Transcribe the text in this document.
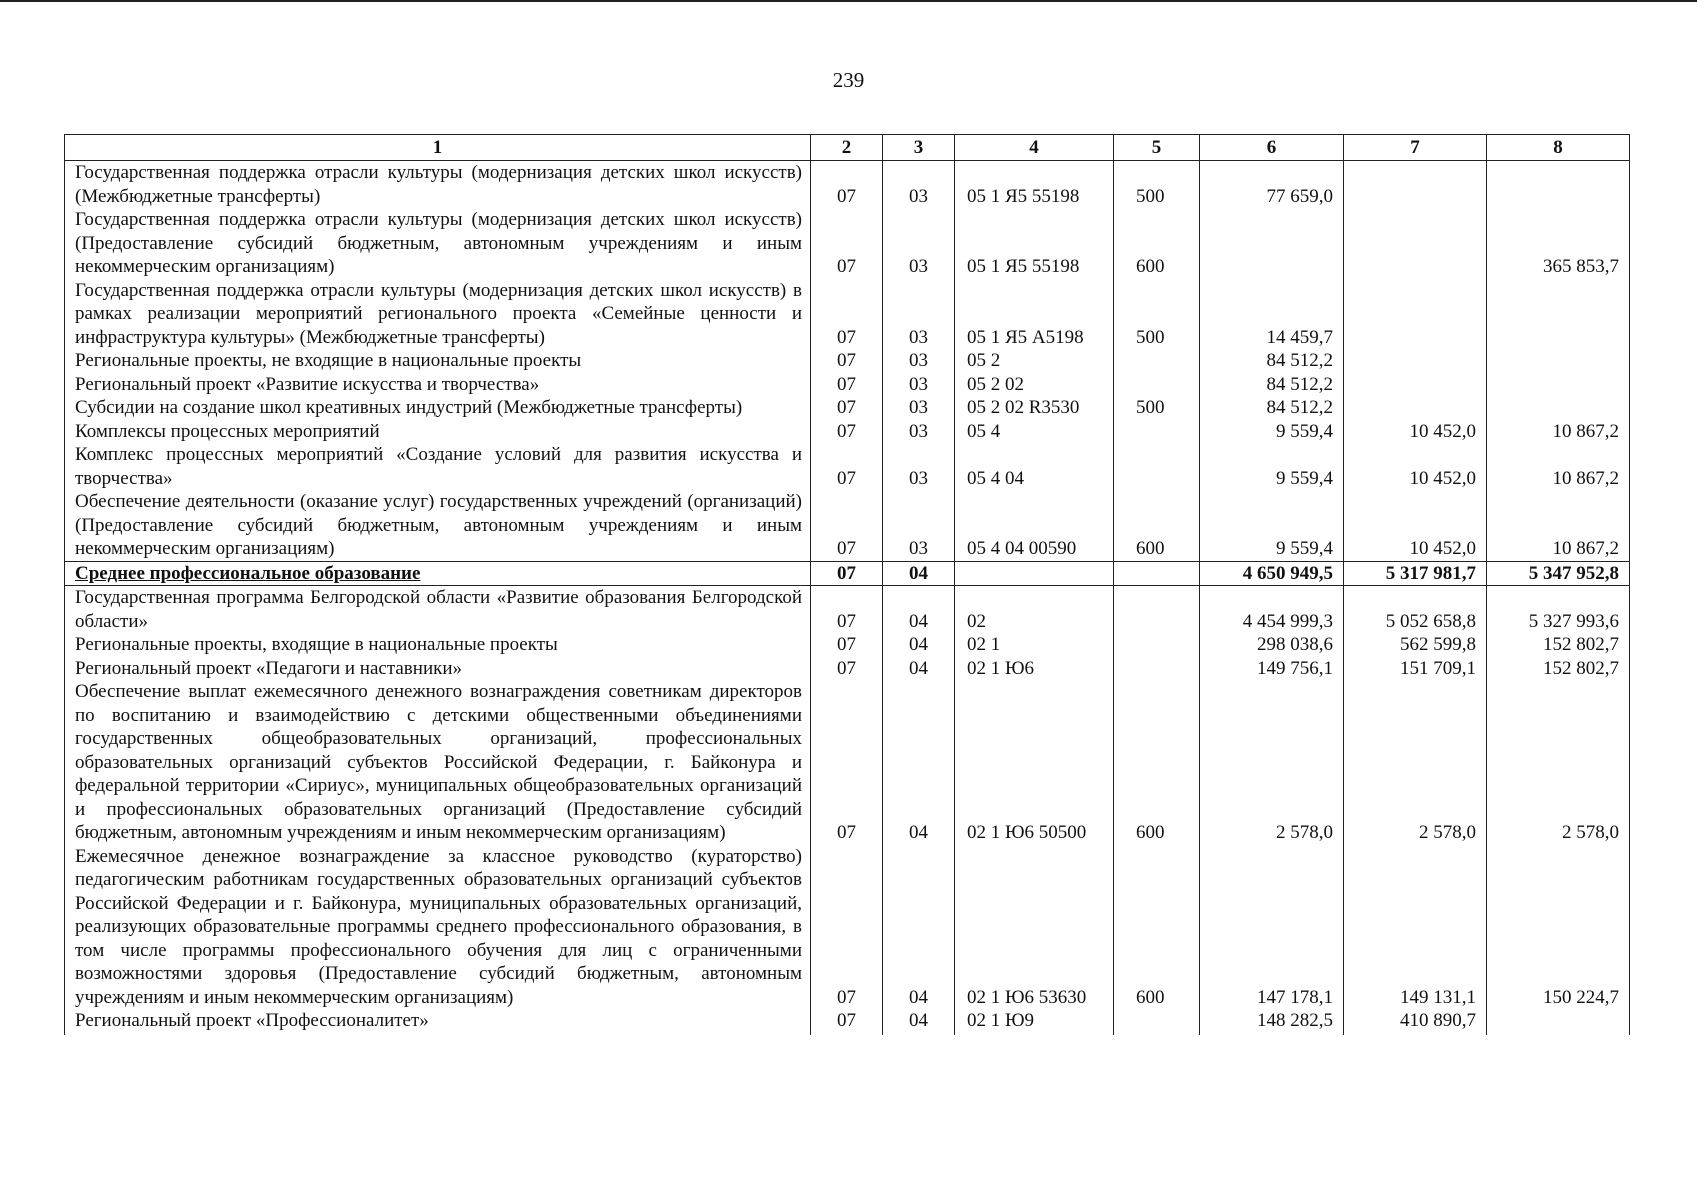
239
1	2	3	4	5	6	7	8
Государственная поддержка отрасли культуры (модернизация детских школ искусств) (Межбюджетные трансферты)	07	03	05 1 Я5 55198	500	77 659,0		
Государственная поддержка отрасли культуры (модернизация детских школ искусств) (Предоставление субсидий бюджетным, автономным учреждениям и иным некоммерческим организациям)	07	03	05 1 Я5 55198	600			365 853,7
Государственная поддержка отрасли культуры (модернизация детских школ искусств) в рамках реализации мероприятий регионального проекта «Семейные ценности и инфраструктура культуры» (Межбюджетные трансферты)	07	03	05 1 Я5 А5198	500	14 459,7		
Региональные проекты, не входящие в национальные проекты	07	03	05 2		84 512,2		
Региональный проект «Развитие искусства и творчества»	07	03	05 2 02		84 512,2		
Субсидии на создание школ креативных индустрий (Межбюджетные трансферты)	07	03	05 2 02 R3530	500	84 512,2		
Комплексы процессных мероприятий	07	03	05 4		9 559,4	10 452,0	10 867,2
Комплекс процессных мероприятий «Создание условий для развития искусства и творчества»	07	03	05 4 04		9 559,4	10 452,0	10 867,2
Обеспечение деятельности (оказание услуг) государственных учреждений (организаций) (Предоставление субсидий бюджетным, автономным учреждениям и иным некоммерческим организациям)	07	03	05 4 04 00590	600	9 559,4	10 452,0	10 867,2
Среднее профессиональное образование	07	04			4 650 949,5	5 317 981,7	5 347 952,8
Государственная программа Белгородской области «Развитие образования Белгородской области»	07	04	02		4 454 999,3	5 052 658,8	5 327 993,6
Региональные проекты, входящие в национальные проекты	07	04	02 1		298 038,6	562 599,8	152 802,7
Региональный проект «Педагоги и наставники»	07	04	02 1 Ю6		149 756,1	151 709,1	152 802,7
Обеспечение выплат ежемесячного денежного вознаграждения советникам директоров по воспитанию и взаимодействию с детскими общественными объединениями государственных общеобразовательных организаций, профессиональных образовательных организаций субъектов Российской Федерации, г. Байконура и федеральной территории «Сириус», муниципальных общеобразовательных организаций и профессиональных образовательных организаций (Предоставление субсидий бюджетным, автономным учреждениям и иным некоммерческим организациям)	07	04	02 1 Ю6 50500	600	2 578,0	2 578,0	2 578,0
Ежемесячное денежное вознаграждение за классное руководство (кураторство) педагогическим работникам государственных образовательных организаций субъектов Российской Федерации и г. Байконура, муниципальных образовательных организаций, реализующих образовательные программы среднего профессионального образования, в том числе программы профессионального обучения для лиц с ограниченными возможностями здоровья (Предоставление субсидий бюджетным, автономным учреждениям и иным некоммерческим организациям)	07	04	02 1 Ю6 53630	600	147 178,1	149 131,1	150 224,7
Региональный проект «Профессионалитет»	07	04	02 1 Ю9		148 282,5	410 890,7	
